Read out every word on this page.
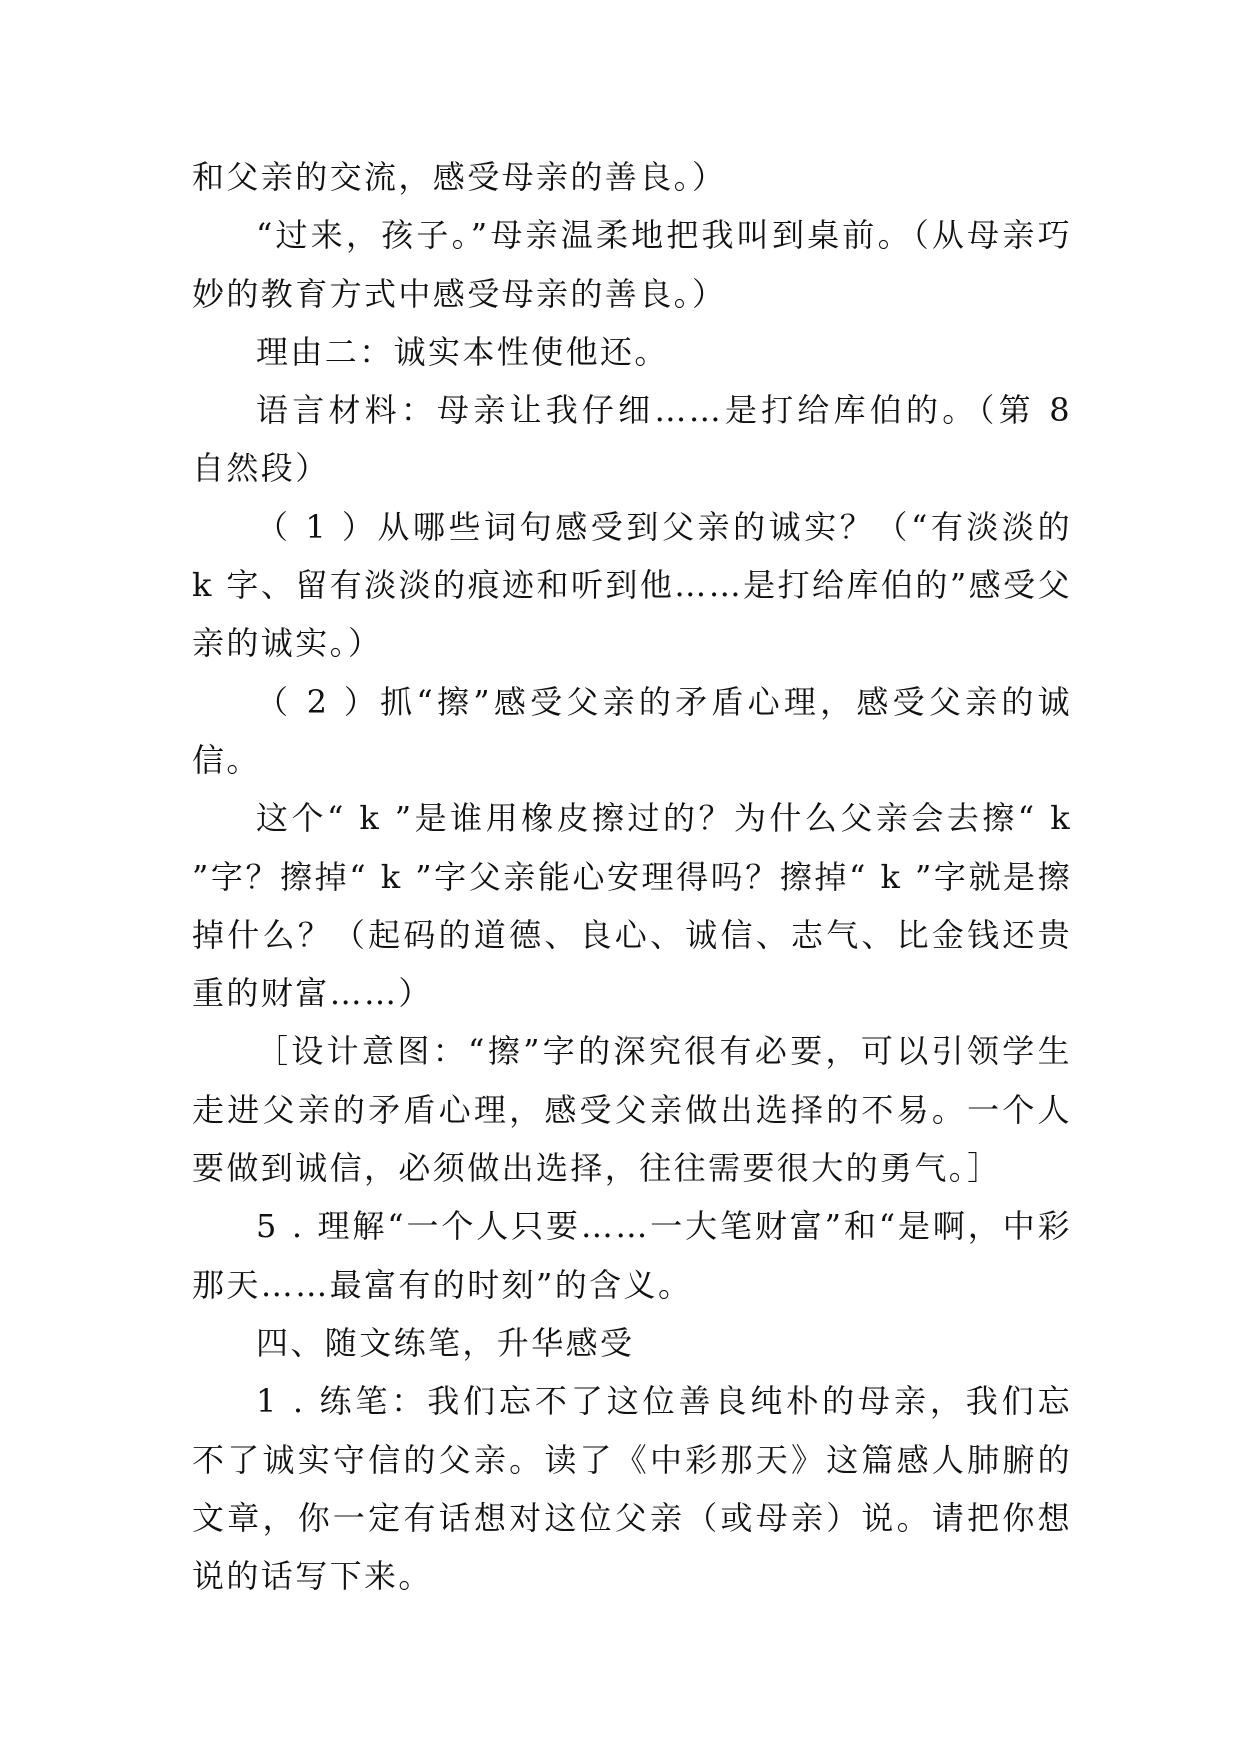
和父亲的交流，感受母亲的善良。）

“过来，孩子。”母亲温柔地把我叫到桌前。（从母亲巧妙的教育方式中感受母亲的善良。）

理由二：诚实本性使他还。

语言材料：母亲让我仔细……是打给库伯的。（第 8 自然段）

（ 1 ）从哪些词句感受到父亲的诚实？（“有淡淡的 k 字、留有淡淡的痕迹和听到他……是打给库伯的”感受父亲的诚实。）

（ 2 ）抓“擦”感受父亲的矛盾心理，感受父亲的诚信。

这个“ k ”是谁用橡皮擦过的？为什么父亲会去擦“ k ”字？擦掉“ k ”字父亲能心安理得吗？擦掉“ k ”字就是擦掉什么？（起码的道德、良心、诚信、志气、比金钱还贵重的财富……）

［设计意图：“擦”字的深究很有必要，可以引领学生走进父亲的矛盾心理，感受父亲做出选择的不易。一个人要做到诚信，必须做出选择，往往需要很大的勇气。］

5 . 理解“一个人只要……一大笔财富”和“是啊，中彩那天……最富有的时刻”的含义。

四、随文练笔，升华感受

1 . 练笔：我们忘不了这位善良纯朴的母亲，我们忘不了诚实守信的父亲。读了《中彩那天》这篇感人肺腑的文章，你一定有话想对这位父亲（或母亲）说。请把你想说的话写下来。
